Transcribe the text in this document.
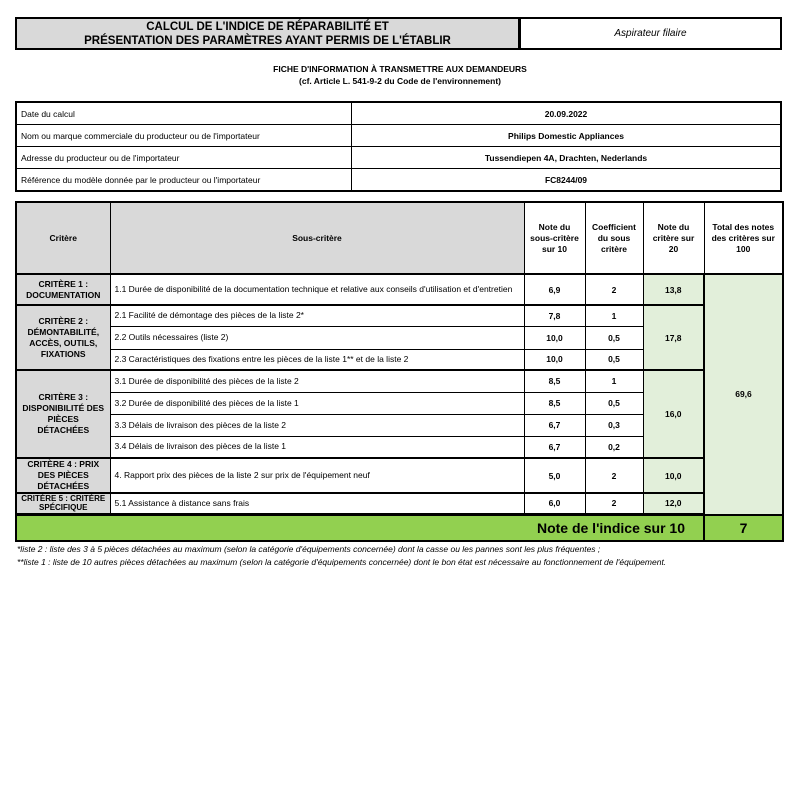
CALCUL DE L'INDICE DE RÉPARABILITÉ ET
PRÉSENTATION DES PARAMÈTRES AYANT PERMIS DE L'ÉTABLIR
Aspirateur filaire
FICHE D'INFORMATION À TRANSMETTRE AUX DEMANDEURS
(cf. Article L. 541-9-2 du Code de l'environnement)
Date du calcul	20.09.2022
Nom ou marque commerciale du producteur ou de l'importateur	Philips Domestic Appliances
Adresse du producteur ou de l'importateur	Tussendiepen 4A, Drachten, Nederlands
Référence du modèle donnée par le producteur ou l'importateur	FC8244/09
Critère	Sous-critère	Note du sous-critère sur 10	Coefficient du sous critère	Note du critère sur 20	Total des notes des critères sur 100
CRITÈRE 1 : DOCUMENTATION	1.1 Durée de disponibilité de la documentation technique et relative aux conseils d'utilisation et d'entretien	6,9	2	13,8	69,6
CRITÈRE 2 : DÉMONTABILITÉ, ACCÈS, OUTILS, FIXATIONS	2.1 Facilité de démontage des pièces de la liste 2*	7,8	1	17,8	
	2.2 Outils nécessaires (liste 2)	10,0	0,5		
	2.3 Caractéristiques des fixations entre les pièces de la liste 1** et de la liste 2	10,0	0,5		
CRITÈRE 3 : DISPONIBILITÉ DES PIÈCES DÉTACHÉES	3.1 Durée de disponibilité des pièces de la liste 2	8,5	1	16,0	
	3.2 Durée de disponibilité des pièces de la liste 1	8,5	0,5		
	3.3 Délais de livraison des pièces de la liste 2	6,7	0,3		
	3.4 Délais de livraison des pièces de la liste 1	6,7	0,2		
CRITÈRE 4 : PRIX DES PIÈCES DÉTACHÉES	4. Rapport prix des pièces de la liste 2 sur prix de l'équipement neuf	5,0	2	10,0	
CRITÈRE 5 : CRITÈRE SPÉCIFIQUE	5.1 Assistance à distance sans frais	6,0	2	12,0	

Note de l'indice sur 10					7
*liste 2 : liste des 3 à 5 pièces détachées au maximum (selon la catégorie d'équipements concernée) dont la casse ou les pannes sont les plus fréquentes ;
**liste 1 : liste de 10 autres pièces détachées au maximum (selon la catégorie d'équipements concernée) dont le bon état est nécessaire au fonctionnement de l'équipement.
